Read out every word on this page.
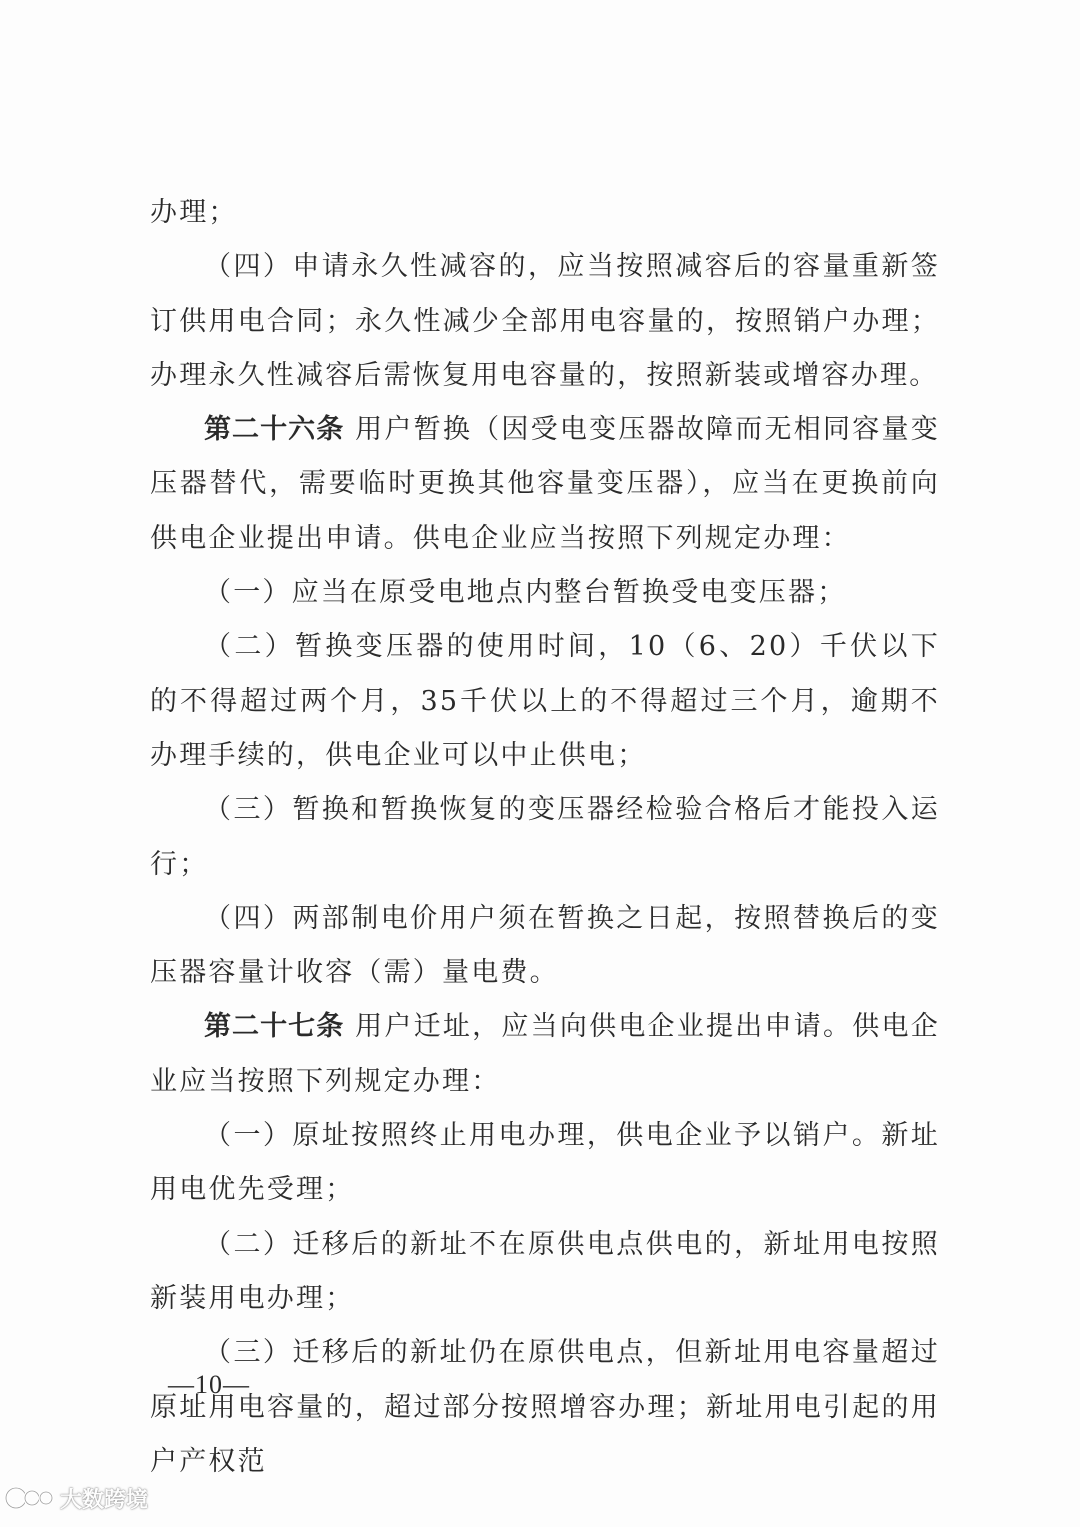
办理；

（四）申请永久性减容的，应当按照减容后的容量重新签订供用电合同；永久性减少全部用电容量的，按照销户办理；办理永久性减容后需恢复用电容量的，按照新装或增容办理。

第二十六条 用户暂换（因受电变压器故障而无相同容量变压器替代，需要临时更换其他容量变压器），应当在更换前向供电企业提出申请。供电企业应当按照下列规定办理：

（一）应当在原受电地点内整台暂换受电变压器；

（二）暂换变压器的使用时间，10（6、20）千伏以下的不得超过两个月，35千伏以上的不得超过三个月，逾期不办理手续的，供电企业可以中止供电；

（三）暂换和暂换恢复的变压器经检验合格后才能投入运行；

（四）两部制电价用户须在暂换之日起，按照替换后的变压器容量计收容（需）量电费。

第二十七条 用户迁址，应当向供电企业提出申请。供电企业应当按照下列规定办理：

（一）原址按照终止用电办理，供电企业予以销户。新址用电优先受理；

（二）迁移后的新址不在原供电点供电的，新址用电按照新装用电办理；

（三）迁移后的新址仍在原供电点，但新址用电容量超过原址用电容量的，超过部分按照增容办理；新址用电引起的用户产权范

—10—
大数跨境
